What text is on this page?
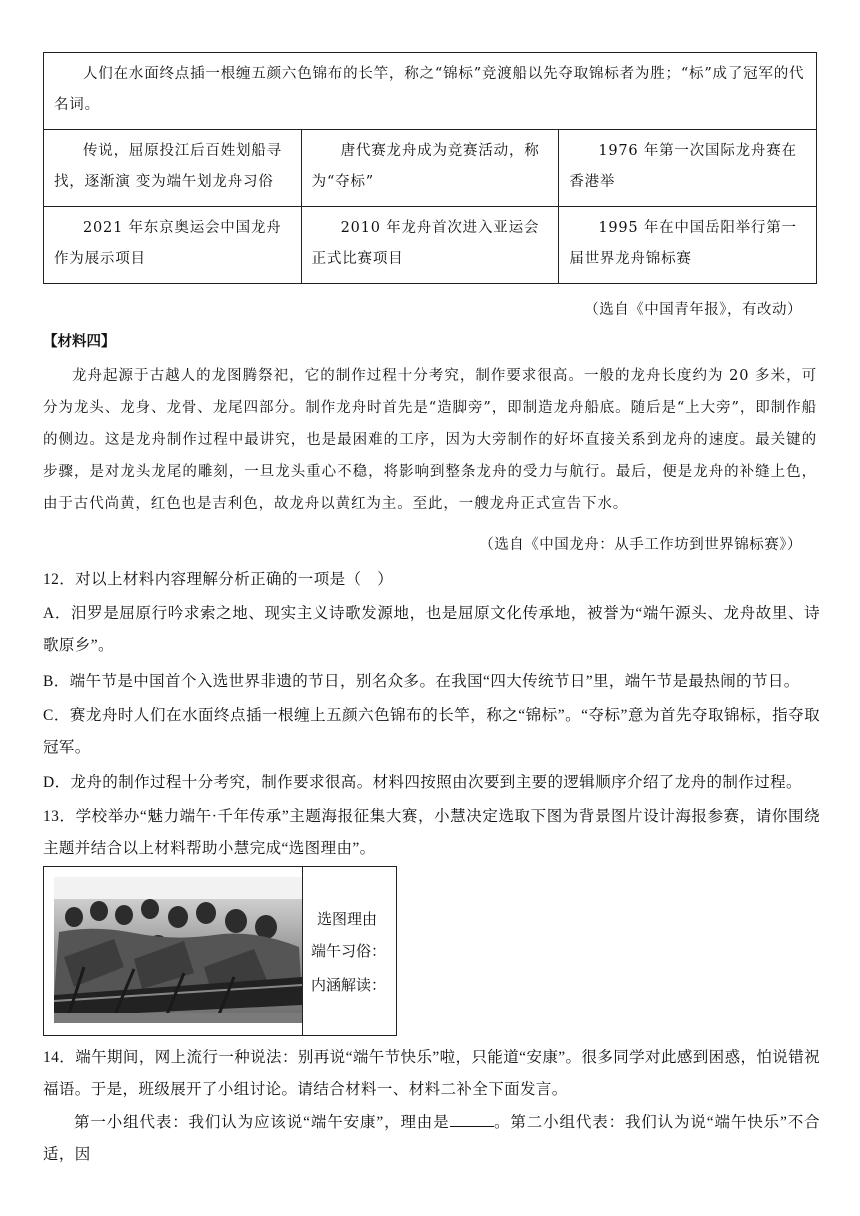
人们在水面终点插一根缠五颜六色锦布的长竿，称之“锦标”竞渡船以先夺取锦标者为胜；“标”成了冠军的代名词。		
传说，屈原投江后百姓划船寻找，逐渐演 变为端午划龙舟习俗	唐代赛龙舟成为竞赛活动，称为“夺标”	1976 年第一次国际龙舟赛在香港举
2021 年东京奥运会中国龙舟作为展示项目	2010 年龙舟首次进入亚运会正式比赛项目	1995 年在中国岳阳举行第一届世界龙舟锦标赛
（选自《中国青年报》，有改动）
【材料四】
龙舟起源于古越人的龙图腾祭祀，它的制作过程十分考究，制作要求很高。一般的龙舟长度约为 20 多米，可分为龙头、龙身、龙骨、龙尾四部分。制作龙舟时首先是“造脚旁”，即制造龙舟船底。随后是“上大旁”，即制作船的侧边。这是龙舟制作过程中最讲究，也是最困难的工序，因为大旁制作的好坏直接关系到龙舟的速度。最关键的步骤，是对龙头龙尾的雕刻，一旦龙头重心不稳，将影响到整条龙舟的受力与航行。最后，便是龙舟的补缝上色，由于古代尚黄，红色也是吉利色，故龙舟以黄红为主。至此，一艘龙舟正式宣告下水。
（选自《中国龙舟：从手工作坊到世界锦标赛》）
12．对以上材料内容理解分析正确的一项是（　）
A．汨罗是屈原行吟求索之地、现实主义诗歌发源地，也是屈原文化传承地，被誉为“端午源头、龙舟故里、诗歌原乡”。
B．端午节是中国首个入选世界非遗的节日，别名众多。在我国“四大传统节日”里，端午节是最热闹的节日。
C．赛龙舟时人们在水面终点插一根缠上五颜六色锦布的长竿，称之“锦标”。“夺标”意为首先夺取锦标，指夺取冠军。
D．龙舟的制作过程十分考究，制作要求很高。材料四按照由次要到主要的逻辑顺序介绍了龙舟的制作过程。
13．学校举办“魅力端午·千年传承”主题海报征集大赛，小慧决定选取下图为背景图片设计海报参赛，请你围绕主题并结合以上材料帮助小慧完成“选图理由”。
选图理由
端午习俗：
内涵解读：
14．端午期间，网上流行一种说法：别再说“端午节快乐”啦，只能道“安康”。很多同学对此感到困惑，怕说错祝福语。于是，班级展开了小组讨论。请结合材料一、材料二补全下面发言。
第一小组代表：我们认为应该说“端午安康”，理由是	。第二小组代表：我们认为说“端午快乐”不合适，因
